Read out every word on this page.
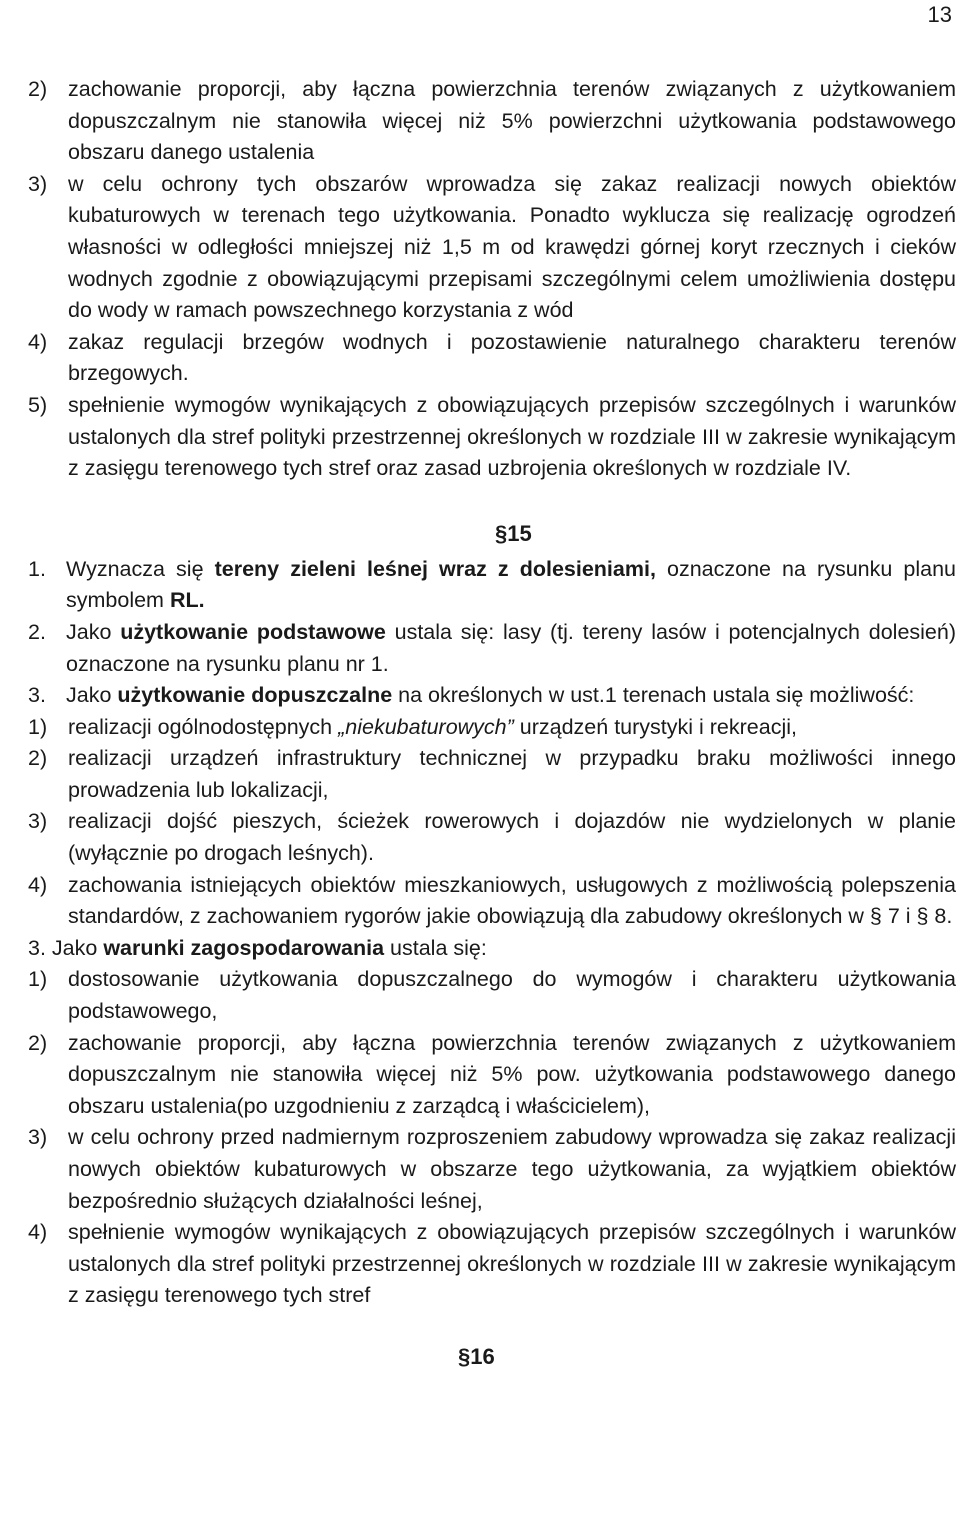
13
2) zachowanie proporcji, aby łączna powierzchnia terenów związanych z użytkowaniem dopuszczalnym nie stanowiła więcej niż 5% powierzchni użytkowania podstawowego obszaru danego ustalenia
3) w celu ochrony tych obszarów wprowadza się zakaz realizacji nowych obiektów kubaturowych w terenach tego użytkowania. Ponadto wyklucza się realizację ogrodzeń własności w odległości mniejszej niż 1,5 m od krawędzi górnej koryt rzecznych i cieków wodnych zgodnie z obowiązującymi przepisami szczególnymi celem umożliwienia dostępu do wody w ramach powszechnego korzystania z wód
4) zakaz regulacji brzegów wodnych i pozostawienie naturalnego charakteru terenów brzegowych.
5) spełnienie wymogów wynikających z obowiązujących przepisów szczególnych i warunków ustalonych dla stref polityki przestrzennej określonych w rozdziale III w zakresie wynikającym z zasięgu terenowego tych stref oraz zasad uzbrojenia określonych w rozdziale IV.
§15
1. Wyznacza się tereny zieleni leśnej wraz z dolesieniami, oznaczone na rysunku planu symbolem RL.
2. Jako użytkowanie podstawowe ustala się: lasy (tj. tereny lasów i potencjalnych dolesień) oznaczone na rysunku planu nr 1.
3. Jako użytkowanie dopuszczalne na określonych w ust.1 terenach ustala się możliwość:
1) realizacji ogólnodostępnych „niekubaturowych” urządzeń turystyki i rekreacji,
2) realizacji urządzeń infrastruktury technicznej w przypadku braku możliwości innego prowadzenia lub lokalizacji,
3) realizacji dojść pieszych, ścieżek rowerowych i dojazdów nie wydzielonych w planie (wyłącznie po drogach leśnych).
4) zachowania istniejących obiektów mieszkaniowych, usługowych z możliwością polepszenia standardów, z zachowaniem rygorów jakie obowiązują dla zabudowy określonych w § 7 i § 8.
3. Jako warunki zagospodarowania ustala się:
1) dostosowanie użytkowania dopuszczalnego do wymogów i charakteru użytkowania podstawowego,
2) zachowanie proporcji, aby łączna powierzchnia terenów związanych z użytkowaniem dopuszczalnym nie stanowiła więcej niż 5% pow. użytkowania podstawowego danego obszaru ustalenia(po uzgodnieniu z zarządcą i właścicielem),
3) w celu ochrony przed nadmiernym rozproszeniem zabudowy wprowadza się zakaz realizacji nowych obiektów kubaturowych w obszarze tego użytkowania, za wyjątkiem obiektów bezpośrednio służących działalności leśnej,
4) spełnienie wymogów wynikających z obowiązujących przepisów szczególnych i warunków ustalonych dla stref polityki przestrzennej określonych w rozdziale III w zakresie wynikającym z zasięgu terenowego tych stref
§16
